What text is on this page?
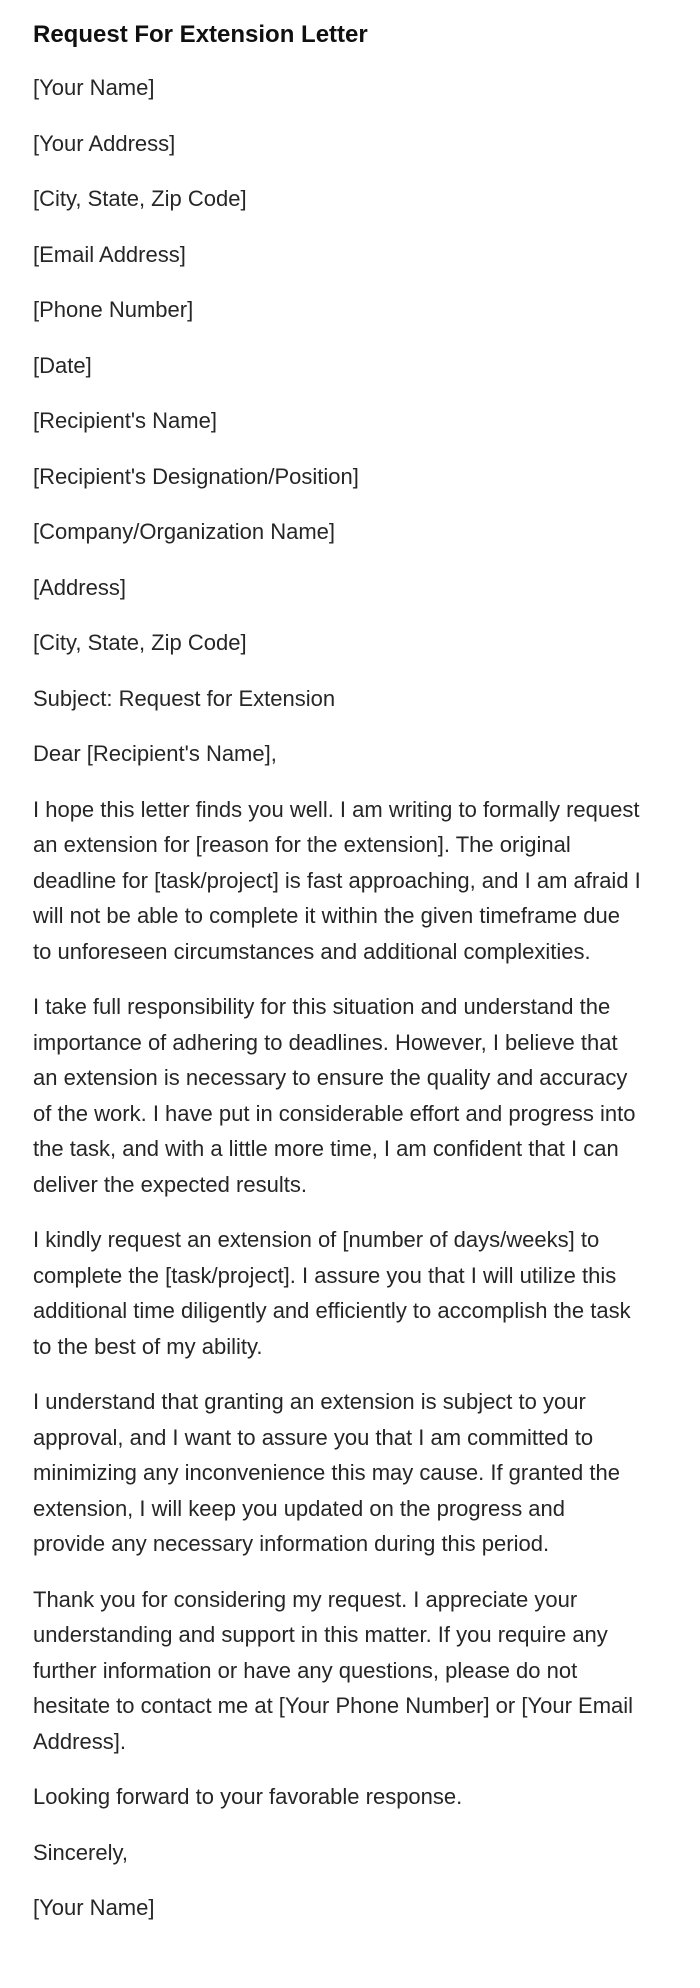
Request For Extension Letter

[Your Name]

[Your Address]

[City, State, Zip Code]

[Email Address]

[Phone Number]

[Date]

[Recipient's Name]

[Recipient's Designation/Position]

[Company/Organization Name]

[Address]

[City, State, Zip Code]

Subject: Request for Extension

Dear [Recipient's Name],

I hope this letter finds you well. I am writing to formally request an extension for [reason for the extension]. The original deadline for [task/project] is fast approaching, and I am afraid I will not be able to complete it within the given timeframe due to unforeseen circumstances and additional complexities.

I take full responsibility for this situation and understand the importance of adhering to deadlines. However, I believe that an extension is necessary to ensure the quality and accuracy of the work. I have put in considerable effort and progress into the task, and with a little more time, I am confident that I can deliver the expected results.

I kindly request an extension of [number of days/weeks] to complete the [task/project]. I assure you that I will utilize this additional time diligently and efficiently to accomplish the task to the best of my ability.

I understand that granting an extension is subject to your approval, and I want to assure you that I am committed to minimizing any inconvenience this may cause. If granted the extension, I will keep you updated on the progress and provide any necessary information during this period.

Thank you for considering my request. I appreciate your understanding and support in this matter. If you require any further information or have any questions, please do not hesitate to contact me at [Your Phone Number] or [Your Email Address].

Looking forward to your favorable response.

Sincerely,

[Your Name]
